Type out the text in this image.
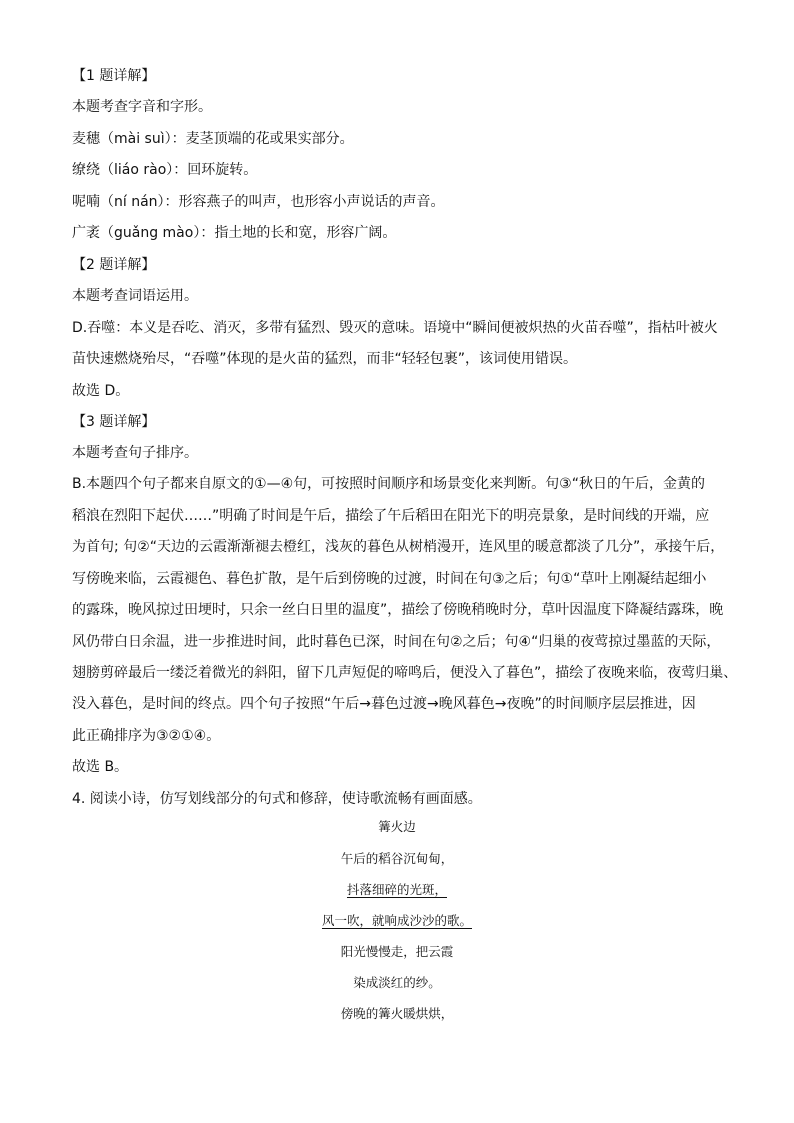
【1 题详解】
本题考查字音和字形。
麦穗（mài suì）：麦茎顶端的花或果实部分。
缭绕（liáo rào）：回环旋转。
呢喃（ní nán）：形容燕子的叫声，也形容小声说话的声音。
广袤（guǎng mào）：指土地的长和宽，形容广阔。
【2 题详解】
本题考查词语运用。
D.吞噬：本义是吞吃、消灭，多带有猛烈、毁灭的意味。语境中“瞬间便被炽热的火苗吞噬”，指枯叶被火
苗快速燃烧殆尽，“吞噬”体现的是火苗的猛烈，而非“轻轻包裹”，该词使用错误。
故选 D。
【3 题详解】
本题考查句子排序。
B.本题四个句子都来自原文的①—④句，可按照时间顺序和场景变化来判断。句③“秋日的午后，金黄的
稻浪在烈阳下起伏……”明确了时间是午后，描绘了午后稻田在阳光下的明亮景象，是时间线的开端，应
为首句; 句②“天边的云霞渐渐褪去橙红，浅灰的暮色从树梢漫开，连风里的暖意都淡了几分”，承接午后，
写傍晚来临，云霞褪色、暮色扩散，是午后到傍晚的过渡，时间在句③之后；句①“草叶上刚凝结起细小
的露珠，晚风掠过田埂时，只余一丝白日里的温度”，描绘了傍晚稍晚时分，草叶因温度下降凝结露珠，晚
风仍带白日余温，进一步推进时间，此时暮色已深，时间在句②之后；句④“归巢的夜莺掠过墨蓝的天际，
翅膀剪碎最后一缕泛着微光的斜阳，留下几声短促的啼鸣后，便没入了暮色”，描绘了夜晚来临，夜莺归巢、
没入暮色，是时间的终点。四个句子按照“午后→暮色过渡→晚风暮色→夜晚”的时间顺序层层推进，因
此正确排序为③②①④。
故选 B。
4. 阅读小诗，仿写划线部分的句式和修辞，使诗歌流畅有画面感。
篝火边
午后的稻谷沉甸甸，
抖落细碎的光斑，
风一吹，就响成沙沙的歌。
阳光慢慢走，把云霞
染成淡红的纱。
傍晚的篝火暖烘烘，
